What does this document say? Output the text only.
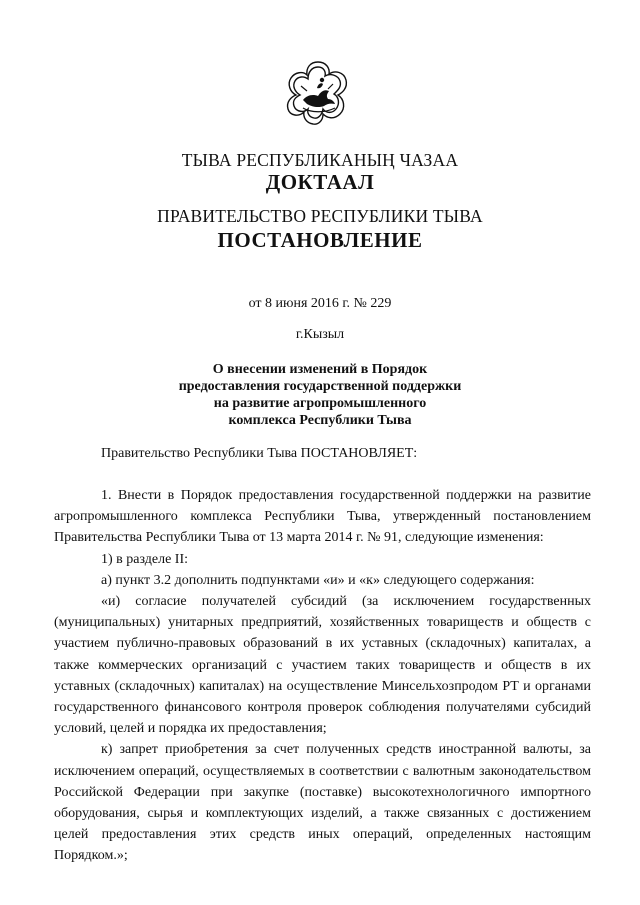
ТЫВА РЕСПУБЛИКАНЫҢ ЧАЗАА
ДОКТААЛ
ПРАВИТЕЛЬСТВО РЕСПУБЛИКИ ТЫВА
ПОСТАНОВЛЕНИЕ
от 8 июня 2016 г. № 229
г.Кызыл
О внесении изменений в Порядок
предоставления государственной поддержки
на развитие агропромышленного
комплекса Республики Тыва
Правительство Республики Тыва ПОСТАНОВЛЯЕТ:

1. Внести в Порядок предоставления государственной поддержки на развитие агропромышленного комплекса Республики Тыва, утвержденный постановлением Правительства Республики Тыва от 13 марта 2014 г. № 91, следующие изменения:

1) в разделе II:

а) пункт 3.2 дополнить подпунктами «и» и «к» следующего содержания:

«и) согласие получателей субсидий (за исключением государственных (муниципальных) унитарных предприятий, хозяйственных товариществ и обществ с участием публично-правовых образований в их уставных (складочных) капиталах, а также коммерческих организаций с участием таких товариществ и обществ в их уставных (складочных) капиталах) на осуществление Минсельхозпродом РТ и органами государственного финансового контроля проверок соблюдения получателями субсидий условий, целей и порядка их предоставления;

к) запрет приобретения за счет полученных средств иностранной валюты, за исключением операций, осуществляемых в соответствии с валютным законодательством Российской Федерации при закупке (поставке) высокотехнологичного импортного оборудования, сырья и комплектующих изделий, а также связанных с достижением целей предоставления этих средств иных операций, определенных настоящим Порядком.»;
